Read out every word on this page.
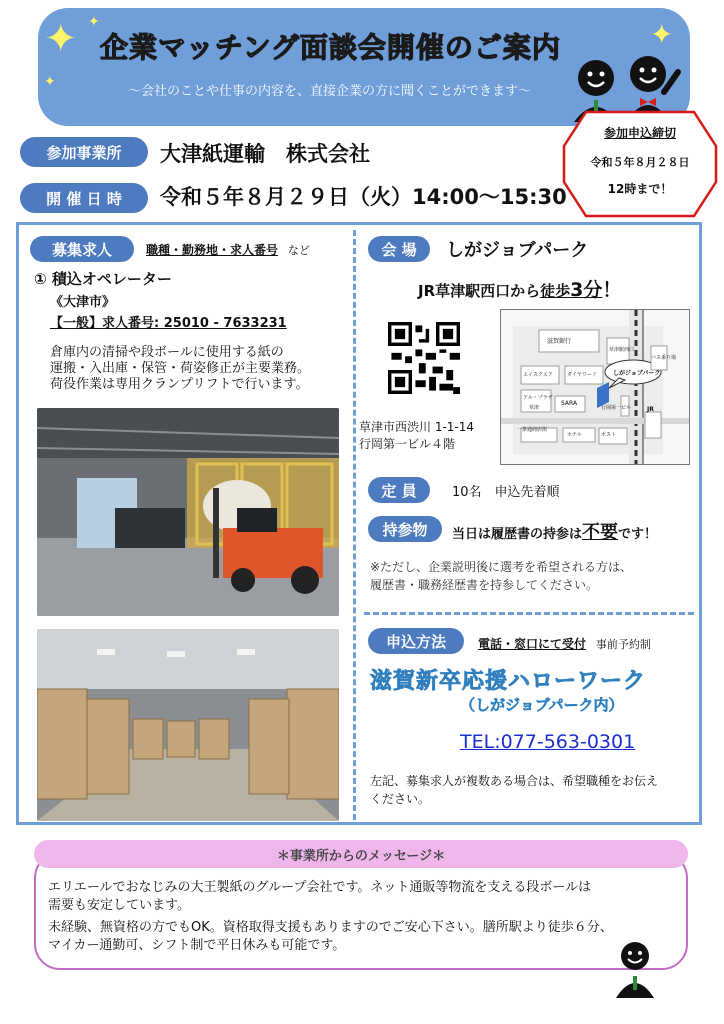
✦ ✦
✦
✦
企業マッチング面談会開催のご案内
～会社のことや仕事の内容を、直接企業の方に聞くことができます～
参加事業所	大津紙運輸　株式会社
開 催 日 時	令和５年８月２９日（火）14:00～15:30
参加申込締切
令和５年８月２８日
12時まで！
募集求人	職種・勤務地・求人番号 など
① 積込オペレーター
《大津市》
【一般】求人番号: 25010 - 7633231
倉庫内の清掃や段ボールに使用する紙の
運搬・入出庫・保管・荷姿修正が主要業務。
荷役作業は専用クランプリフトで行います。
会 場	しがジョブパーク
JR草津駅西口から徒歩3分！
草津市西渋川 1-1-14
行岡第一ビル４階
滋賀銀行
草津駅西口
しがジョブパーク
エイスクエア	ダイヤワード
アル・プラザ
草津
SARA
行岡第一ビル
一条通商店街
ホテル	ポスト
JR
バス乗り場
定 員	10名　申込先着順
持参物	当日は履歴書の持参は不要です！
※ただし、企業説明後に選考を希望される方は、
履歴書・職務経歴書を持参してください。
申込方法	電話・窓口にて受付 事前予約制
滋賀新卒応援ハローワーク
（しがジョブパーク内）
TEL:077-563-0301
左記、募集求人が複数ある場合は、希望職種をお伝え
ください。
＊事業所からのメッセージ＊
エリエールでおなじみの大王製紙のグループ会社です。ネット通販等物流を支える段ボールは
需要も安定しています。
未経験、無資格の方でもOK。資格取得支援もありますのでご安心下さい。膳所駅より徒歩６分、
マイカー通勤可、シフト制で平日休みも可能です。
